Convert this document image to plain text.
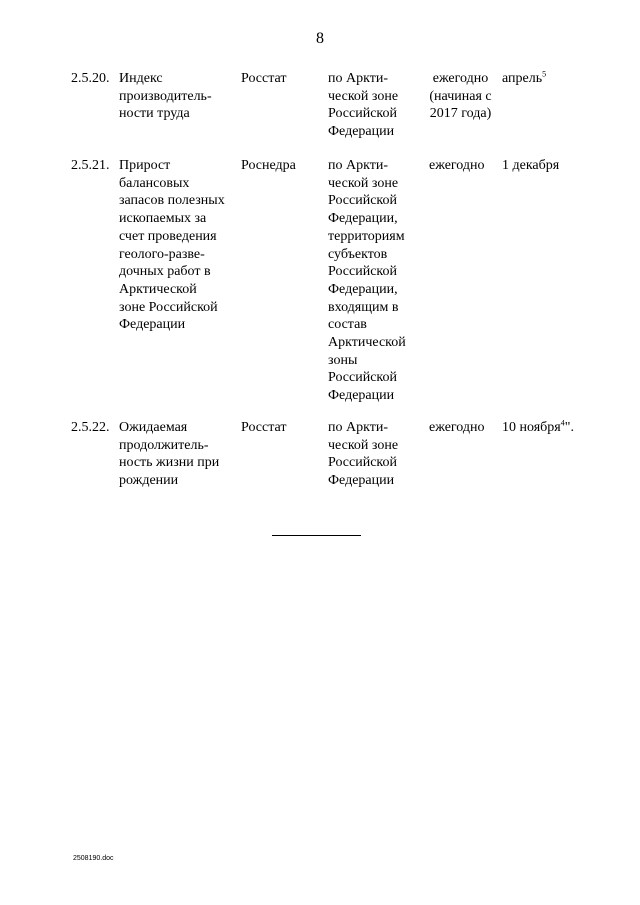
8
2.5.20. Индекс
производитель-
ности труда
Росстат	по Аркти-
ческой зоне
Российской
Федерации
ежегодно
(начиная с
2017 года)
апрель$^5$
2.5.21. Прирост
балансовых
запасов полезных
ископаемых за
счет проведения
геолого-разве-
дочных работ в
Арктической
зоне Российской
Федерации
Роснедра по Аркти-
ческой зоне
Российской
Федерации,
территориям
субъектов
Российской
Федерации,
входящим в
состав
Арктической
зоны
Российской
Федерации
ежегодно 1 декабря
2.5.22. Ожидаемая
продолжитель-
ность жизни при
рождении
Росстат	по Аркти-
ческой зоне
Российской
Федерации
ежегодно 10 ноября$^4$".
2508190.doc
